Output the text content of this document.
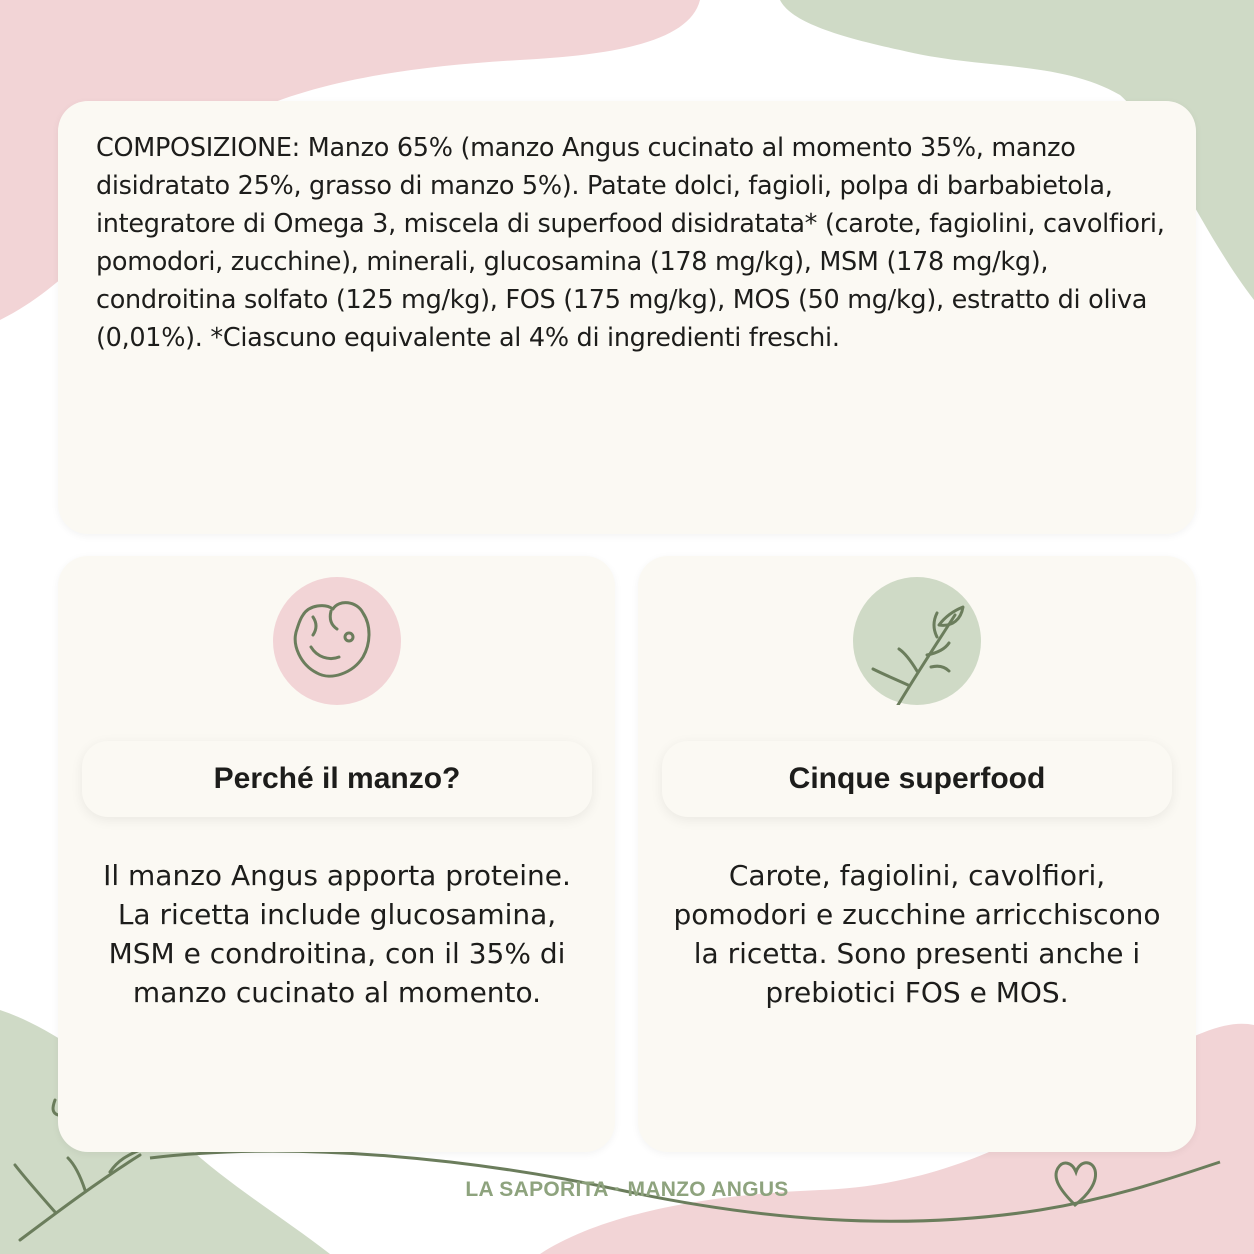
COMPOSIZIONE: Manzo 65% (manzo Angus cucinato al momento 35%, manzo disidratato 25%, grasso di manzo 5%). Patate dolci, fagioli, polpa di barbabietola, integratore di Omega 3, miscela di superfood disidratata* (carote, fagiolini, cavolfiori, pomodori, zucchine), minerali, glucosamina (178 mg/kg), MSM (178 mg/kg), condroitina solfato (125 mg/kg), FOS (175 mg/kg), MOS (50 mg/kg), estratto di oliva (0,01%). *Ciascuno equivalente al 4% di ingredienti freschi.
Perché il manzo?
Il manzo Angus apporta proteine. La ricetta include glucosamina, MSM e condroitina, con il 35% di manzo cucinato al momento.
Cinque superfood
Carote, fagiolini, cavolfiori, pomodori e zucchine arricchiscono la ricetta. Sono presenti anche i prebiotici FOS e MOS.
LA SAPORITA · MANZO ANGUS
